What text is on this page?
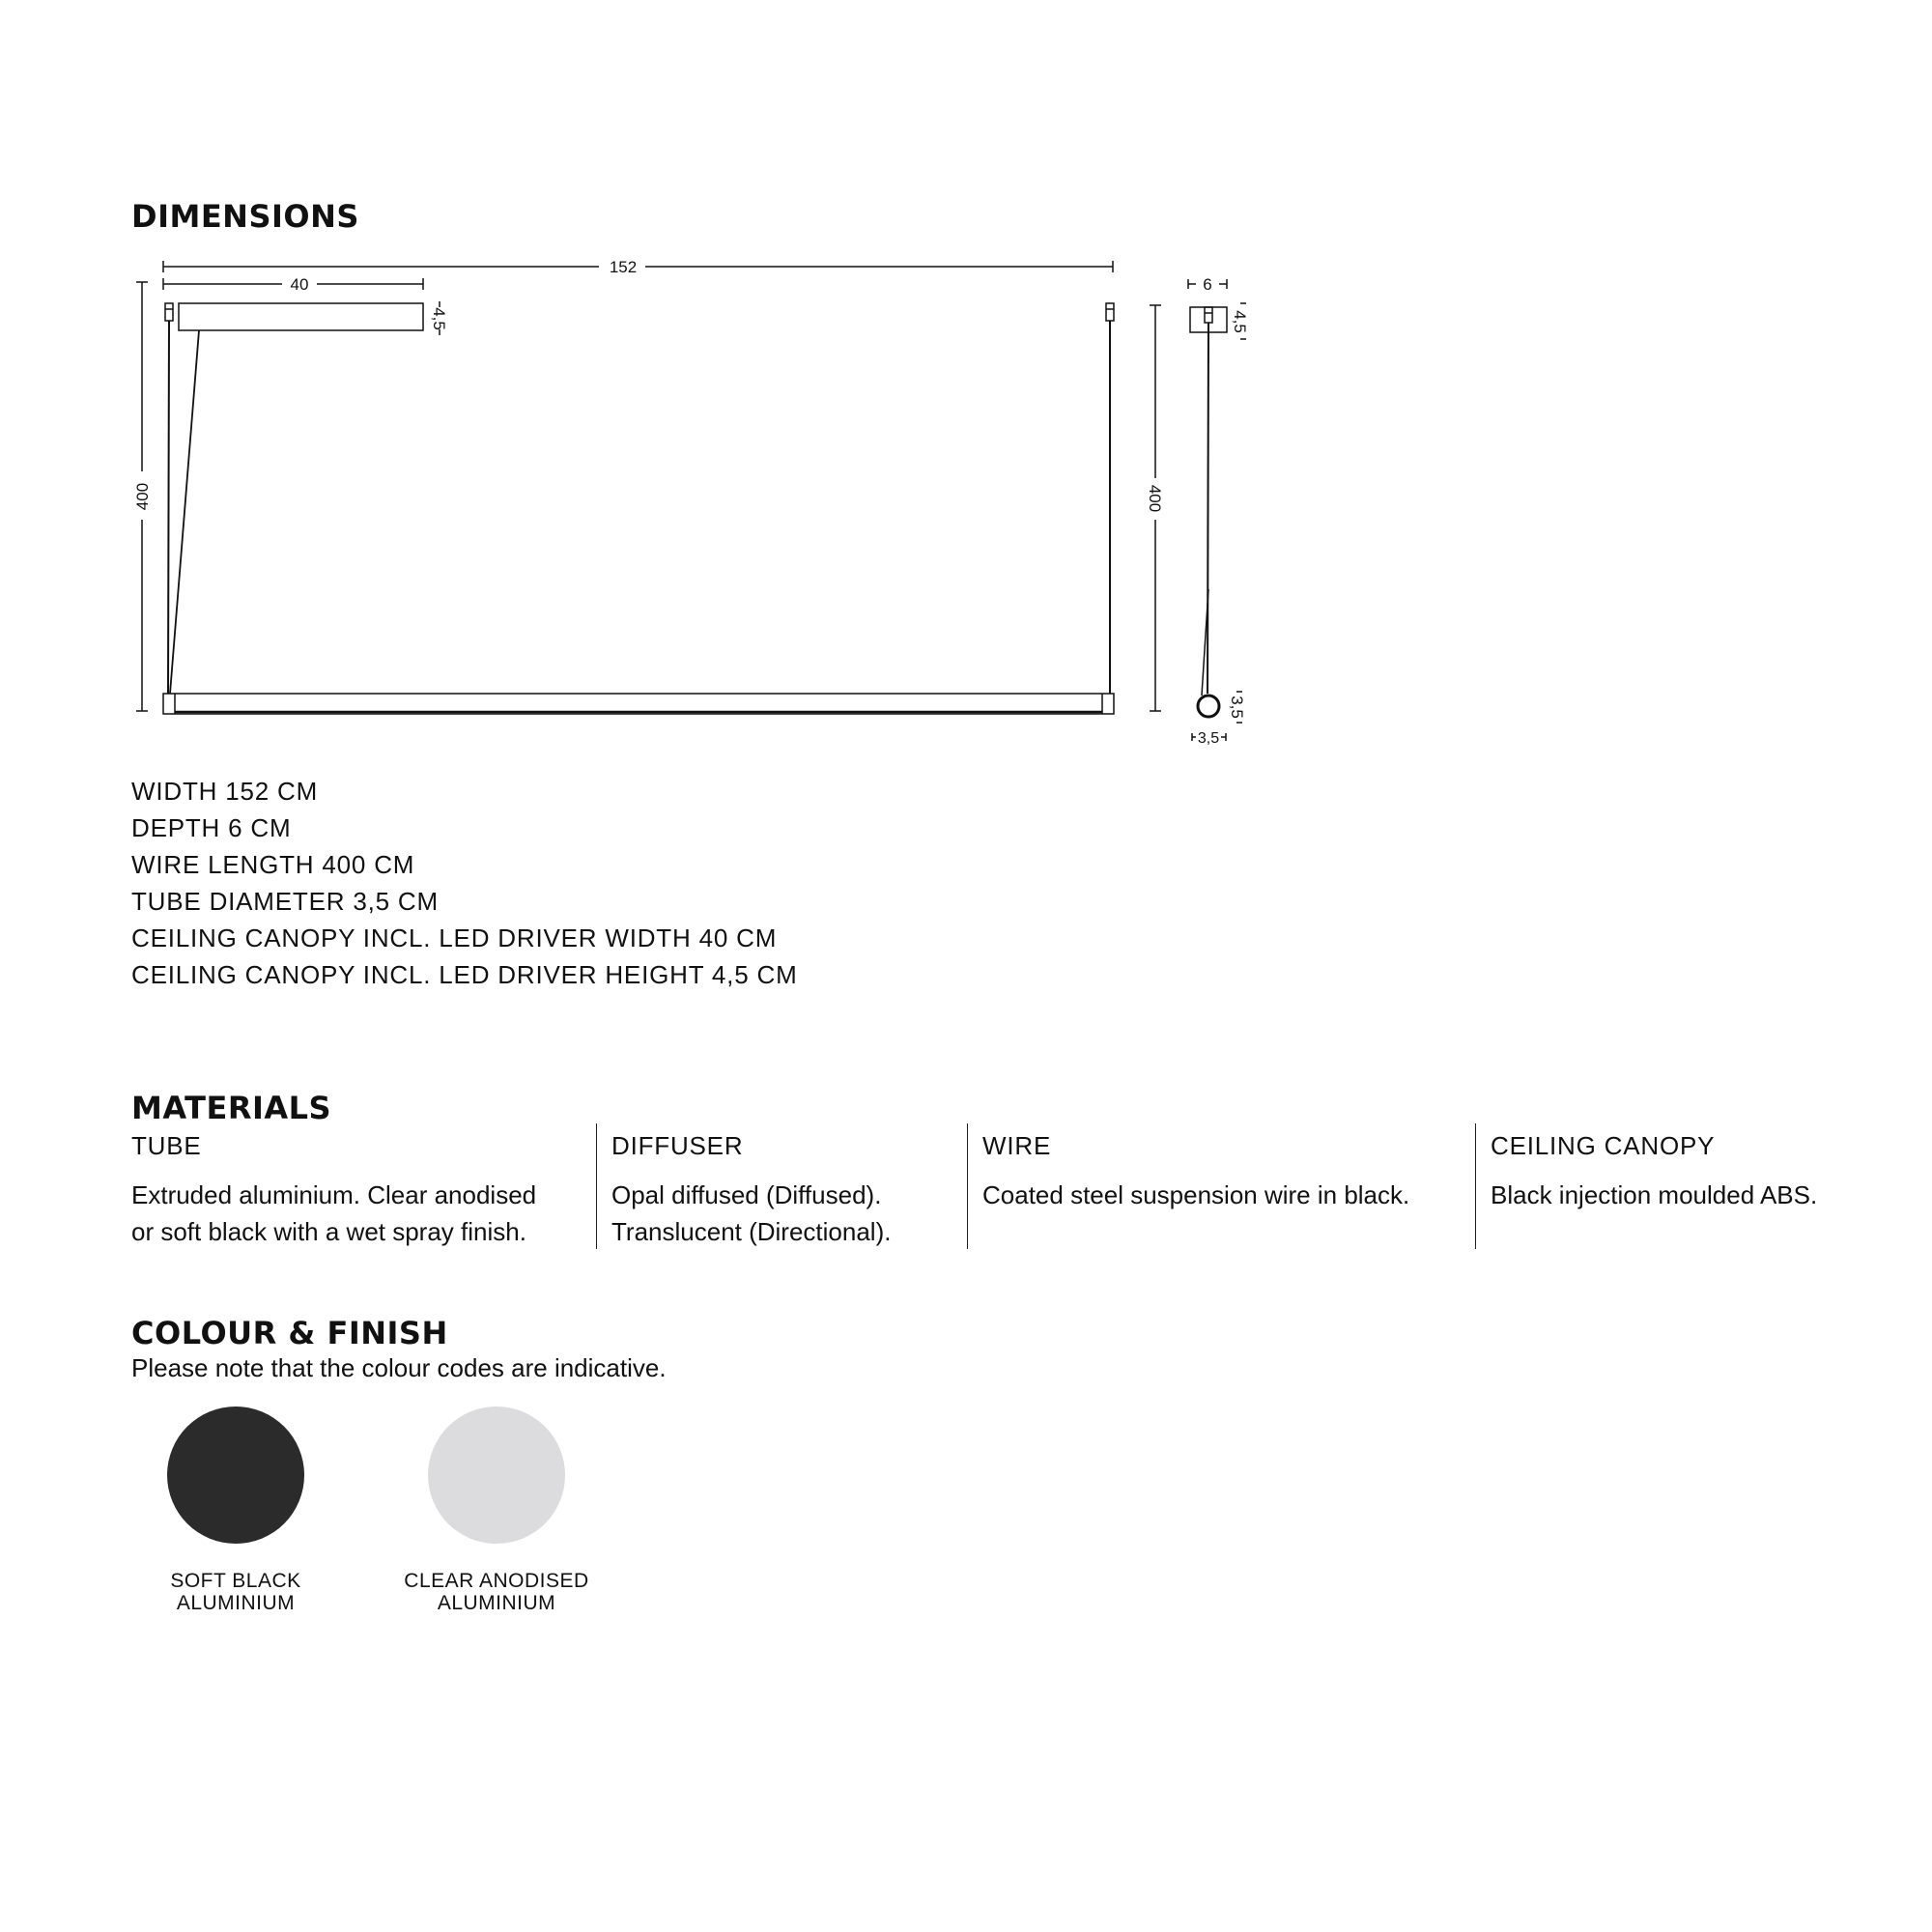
DIMENSIONS
152
40
4,5
400	400
6
4,5
3,5
3,5
WIDTH 152 CM
DEPTH 6 CM
WIRE LENGTH 400 CM
TUBE DIAMETER 3,5 CM
CEILING CANOPY INCL. LED DRIVER WIDTH 40 CM
CEILING CANOPY INCL. LED DRIVER HEIGHT 4,5 CM
MATERIALS
TUBE

Extruded aluminium. Clear anodised
or soft black with a wet spray finish.

DIFFUSER

Opal diffused (Diffused).
Translucent (Directional).

WIRE

Coated steel suspension wire in black.

CEILING CANOPY

Black injection moulded ABS.

COLOUR & FINISH

Please note that the colour codes are indicative.

SOFT BLACK
ALUMINIUM
CLEAR ANODISED
ALUMINIUM
